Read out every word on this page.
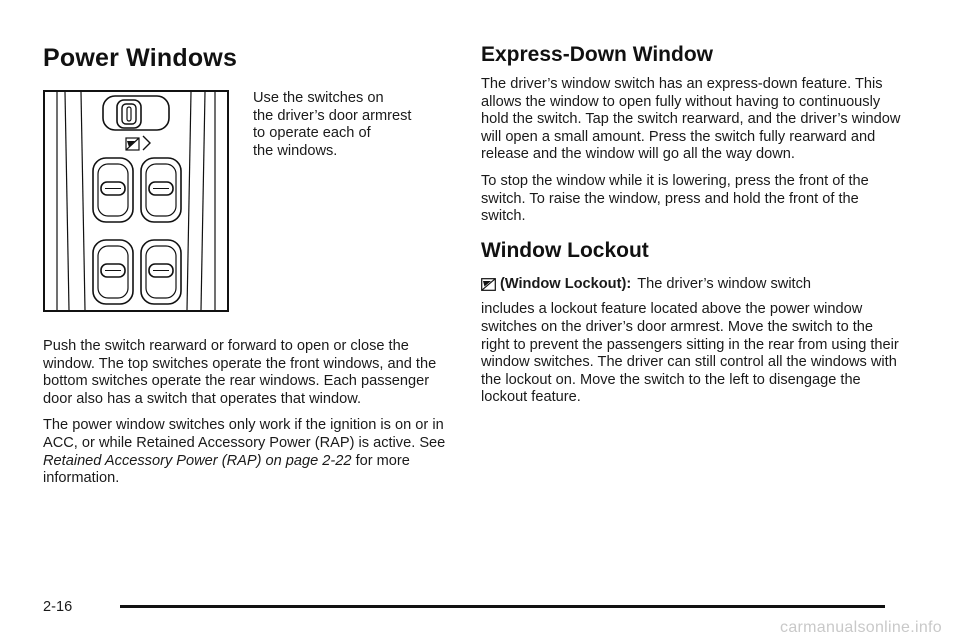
Power Windows

Use the switches on
the driver’s door armrest
to operate each of
the windows.

Push the switch rearward or forward to open or close the window. The top switches operate the front windows, and the bottom switches operate the rear windows. Each passenger door also has a switch that operates that window.

The power window switches only work if the ignition is on or in ACC, or while Retained Accessory Power (RAP) is active. See Retained Accessory Power (RAP) on page 2-22 for more information.

Express-Down Window

The driver’s window switch has an express-down feature. This allows the window to open fully without having to continuously hold the switch. Tap the switch rearward, and the driver’s window will open a small amount. Press the switch fully rearward and release and the window will go all the way down.

To stop the window while it is lowering, press the front of the switch. To raise the window, press and hold the front of the switch.

Window Lockout

(Window Lockout): The driver’s window switch

includes a lockout feature located above the power window switches on the driver’s door armrest. Move the switch to the right to prevent the passengers sitting in the rear from using their window switches. The driver can still control all the windows with the lockout on. Move the switch to the left to disengage the lockout feature.

2-16
carmanualsonline.info
